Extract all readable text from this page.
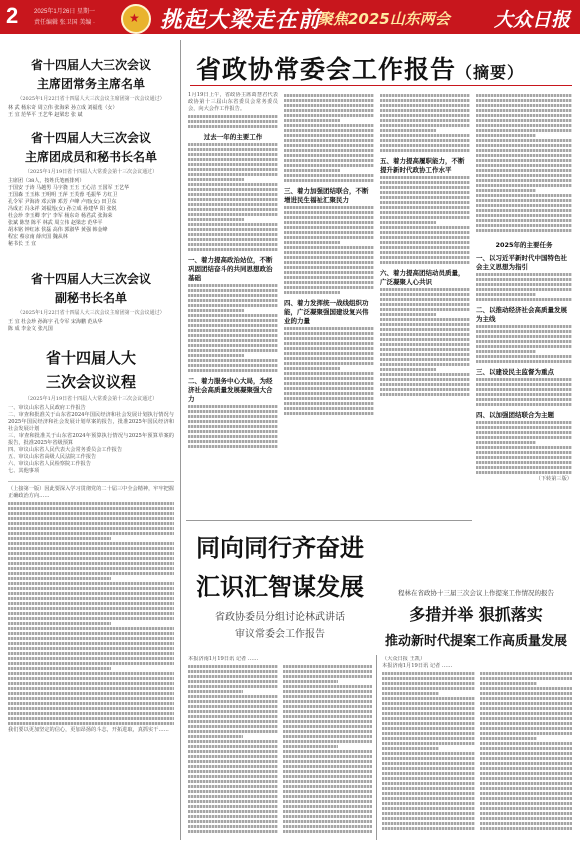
2	2025年1月26日 星期一
责任编辑 张卫国 美编 ·	★ 挑起大梁走在前
聚焦2025山东两会 大众日报
省十四届人大三次会议
主席团常务主席名单
（2025年1月22日省十四届人大三次会议主席团第一次会议通过）
林 武 杨东奇 周立伟 张海荣 孙立成 刘福莲（女）
王 宜 范华平 王艺华 赵梁忠 张 斌
省十四届人大三次会议
主席团成员和秘书长名单
（2025年1月19日省十四届人大常委会第十三次会议通过）
主席团（38人，按姓氏笔画排列）
于国安 于涛 马越男 马宇骁 王玉 王心洁 王国军 王艺华
王国森 王玉栋 王明明 王萍 王芙蓉 毛振华 方红卫
孔令军 尹海涛 邓云锋 邓芳 卢峰 卢雨(女) 田卫东
冯成正 冯永祥 刘福莲(女) 孙立成 孙建华 阳 张锐
杜会珍 李玉卿 李宁 李军 杨东奇 杨君武 张海荣
张斌 陈坚 陈平 林武 周立伟 赵梁忠 范华平
胡本铭 钟红冰 侯磊 高伟 郭淑华 黄强 韩金峰
程宏 蔡京南 薛庆国 魏从林
秘书长 王 宜
省十四届人大三次会议
副秘书长名单
（2025年1月22日省十四届人大三次会议主席团第一次会议通过）
王 宜 杜会珍 孙海宇 孔令军 宋海鹏 范从华
陈 成 李金文 张凡国
省十四届人大
三次会议议程
（2025年1月19日省十四届人大常委会第十三次会议通过）
一、审议山东省人民政府工作报告
二、审查和批准关于山东省2024年国民经济和社会发展计划执行情况与2025年国民经济和社会发展计划草案的报告，批准2025年国民经济和社会发展计划
三、审查和批准关于山东省2024年预算执行情况与2025年预算草案的报告，批准2025年省级预算
四、审议山东省人民代表大会常务委员会工作报告
五、审议山东省高级人民法院工作报告
六、审议山东省人民检察院工作报告
七、其他事项
（上接第一版）因此要深入学习贯彻党的二十届三中全会精神，牢牢把握正确政治方向……
我们要以更加坚定的信心，更加昂扬的斗志，开拓进取，真抓实干……
省政协常委会工作报告（摘要）
1月19日上午，省政协主席葛慧君代表政协第十三届山东省委员会常务委员会，向大会作工作报告。
过去一年的主要工作
一、着力提高政治站位，不断巩固团结奋斗的共同思想政治基础
二、着力服务中心大局，为经济社会高质量发展凝聚强大合力
三、着力加强团结联合，不断增进民生福祉汇聚民力
四、着力发挥统一战线组织功能，广泛凝聚强国建设复兴伟业的力量
五、着力提高履职能力，不断提升新时代政协工作水平
六、着力提高团结动员质量，广泛凝聚人心共识
2025年的主要任务
一、以习近平新时代中国特色社会主义思想为指引
二、以推动经济社会高质量发展为主线
三、以建设民主监督为重点
四、以加强团结联合为主题
（下转第三版）
同向同行齐奋进
汇识汇智谋发展
省政协委员分组讨论林武讲话
审议常委会工作报告
本报济南1月19日讯 记者 ……
程林在省政协十三届三次会议上作提案工作情况的报告
多措并举 狠抓落实
推动新时代提案工作高质量发展
（大众日报 王凯）
本报济南1月19日讯 记者 ……
